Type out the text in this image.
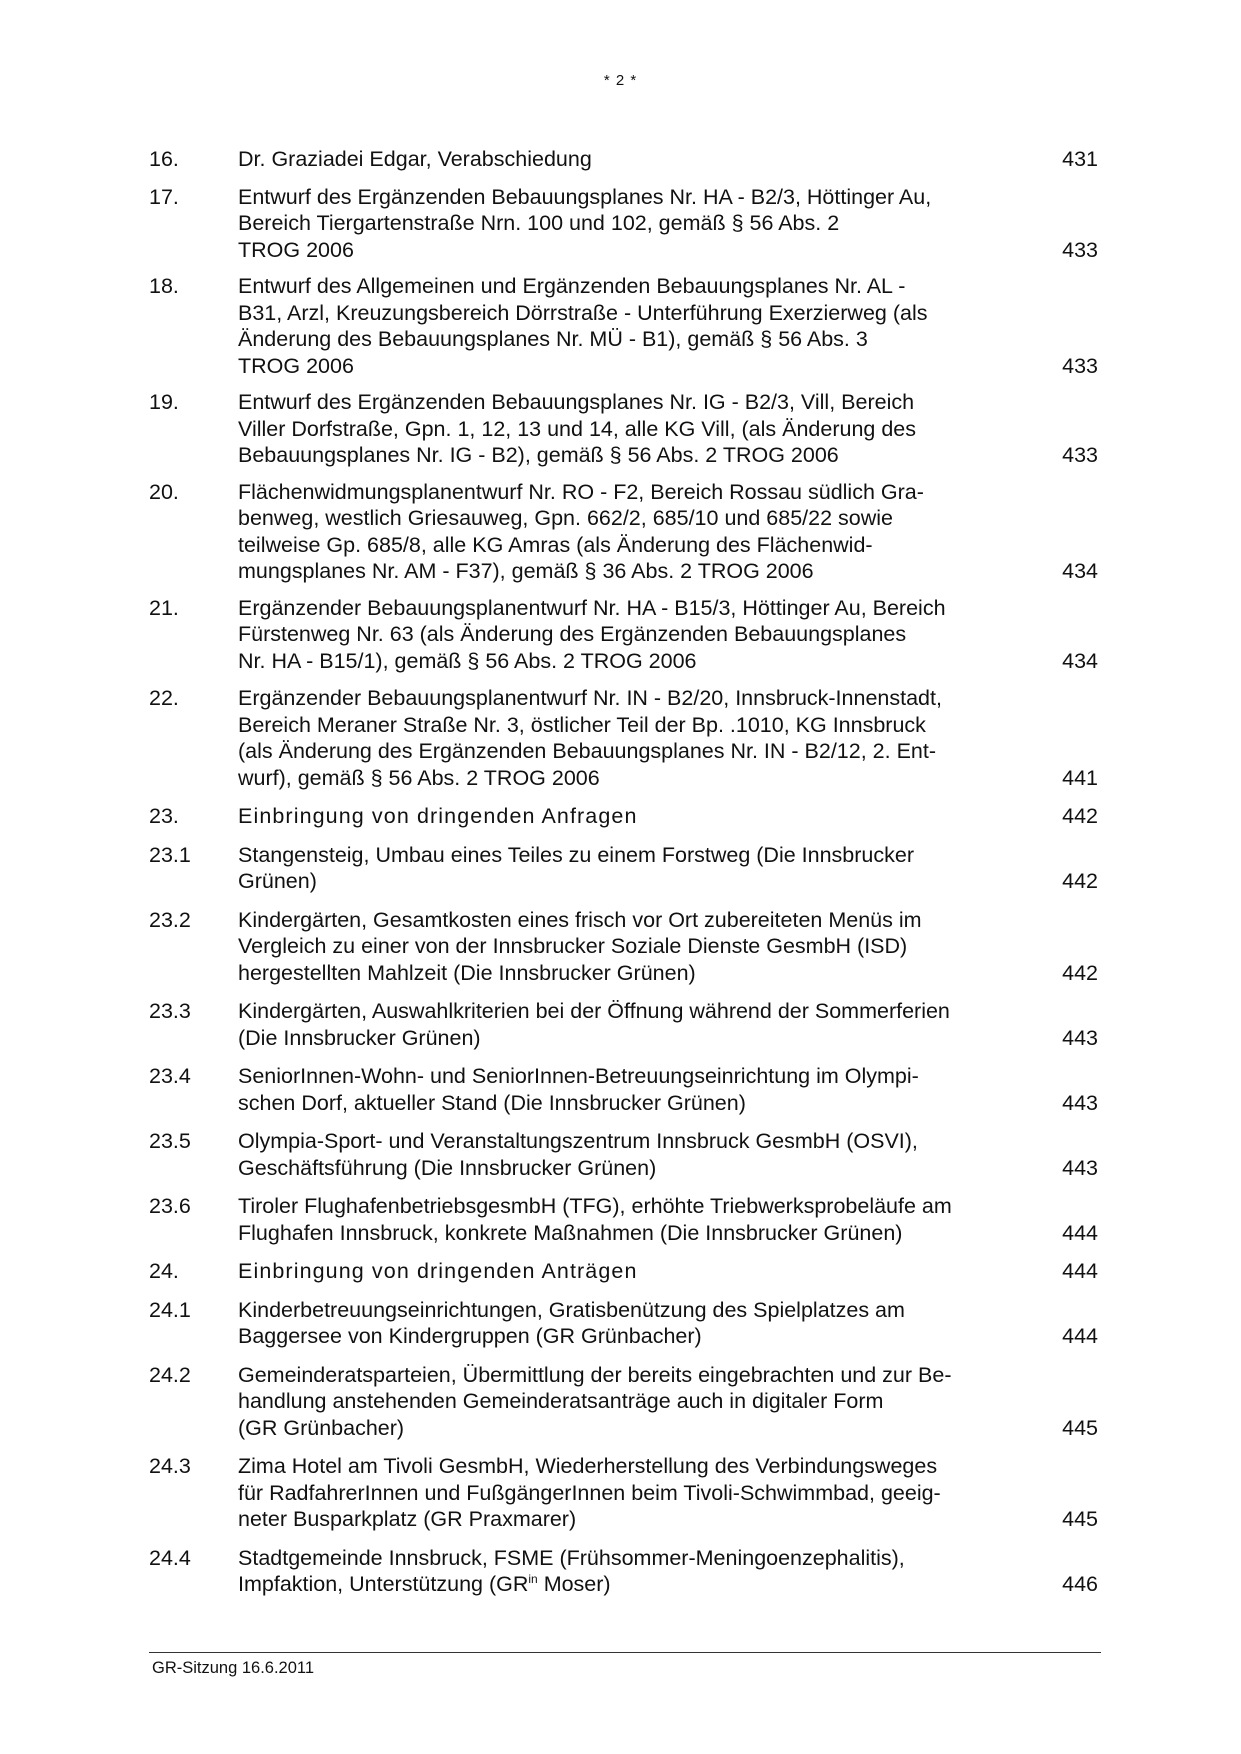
* 2 *
16.	Dr. Graziadei Edgar, Verabschiedung	431
17.	Entwurf des Ergänzenden Bebauungsplanes Nr. HA - B2/3, Höttinger Au,
Bereich Tiergartenstraße Nrn. 100 und 102, gemäß § 56 Abs. 2
TROG 2006	433
18.	Entwurf des Allgemeinen und Ergänzenden Bebauungsplanes Nr. AL -
B31, Arzl, Kreuzungsbereich Dörrstraße - Unterführung Exerzierweg (als
Änderung des Bebauungsplanes Nr. MÜ - B1), gemäß § 56 Abs. 3
TROG 2006	433
19.	Entwurf des Ergänzenden Bebauungsplanes Nr. IG - B2/3, Vill, Bereich
Viller Dorfstraße, Gpn. 1, 12, 13 und 14, alle KG Vill, (als Änderung des
Bebauungsplanes Nr. IG - B2), gemäß § 56 Abs. 2 TROG 2006	433
20.	Flächenwidmungsplanentwurf Nr. RO - F2, Bereich Rossau südlich Gra-
benweg, westlich Griesauweg, Gpn. 662/2, 685/10 und 685/22 sowie
teilweise Gp. 685/8, alle KG Amras (als Änderung des Flächenwid-
mungsplanes Nr. AM - F37), gemäß § 36 Abs. 2 TROG 2006	434
21.	Ergänzender Bebauungsplanentwurf Nr. HA - B15/3, Höttinger Au, Bereich
Fürstenweg Nr. 63 (als Änderung des Ergänzenden Bebauungsplanes
Nr. HA - B15/1), gemäß § 56 Abs. 2 TROG 2006	434
22.	Ergänzender Bebauungsplanentwurf Nr. IN - B2/20, Innsbruck-Innenstadt,
Bereich Meraner Straße Nr. 3, östlicher Teil der Bp. .1010, KG Innsbruck
(als Änderung des Ergänzenden Bebauungsplanes Nr. IN - B2/12, 2. Ent-
wurf), gemäß § 56 Abs. 2 TROG 2006	441
23.	Einbringung von dringenden Anfragen	442
23.1	Stangensteig, Umbau eines Teiles zu einem Forstweg (Die Innsbrucker
Grünen)	442
23.2	Kindergärten, Gesamtkosten eines frisch vor Ort zubereiteten Menüs im
Vergleich zu einer von der Innsbrucker Soziale Dienste GesmbH (ISD)
hergestellten Mahlzeit (Die Innsbrucker Grünen)	442
23.3	Kindergärten, Auswahlkriterien bei der Öffnung während der Sommerferien
(Die Innsbrucker Grünen)	443
23.4	SeniorInnen-Wohn- und SeniorInnen-Betreuungseinrichtung im Olympi-
schen Dorf, aktueller Stand (Die Innsbrucker Grünen)	443
23.5	Olympia-Sport- und Veranstaltungszentrum Innsbruck GesmbH (OSVI),
Geschäftsführung (Die Innsbrucker Grünen)	443
23.6	Tiroler FlughafenbetriebsgesmbH (TFG), erhöhte Triebwerksprobeläufe am
Flughafen Innsbruck, konkrete Maßnahmen (Die Innsbrucker Grünen)	444
24.	Einbringung von dringenden Anträgen	444
24.1	Kinderbetreuungseinrichtungen, Gratisbenützung des Spielplatzes am
Baggersee von Kindergruppen (GR Grünbacher)	444
24.2	Gemeinderatsparteien, Übermittlung der bereits eingebrachten und zur Be-
handlung anstehenden Gemeinderatsanträge auch in digitaler Form
(GR Grünbacher)	445
24.3	Zima Hotel am Tivoli GesmbH, Wiederherstellung des Verbindungsweges
für RadfahrerInnen und FußgängerInnen beim Tivoli-Schwimmbad, geeig-
neter Busparkplatz (GR Praxmarer)	445
24.4	Stadtgemeinde Innsbruck, FSME (Frühsommer-Meningoenzephalitis),
Impfaktion, Unterstützung ($GR^{in}$ Moser)	446
GR-Sitzung 16.6.2011
